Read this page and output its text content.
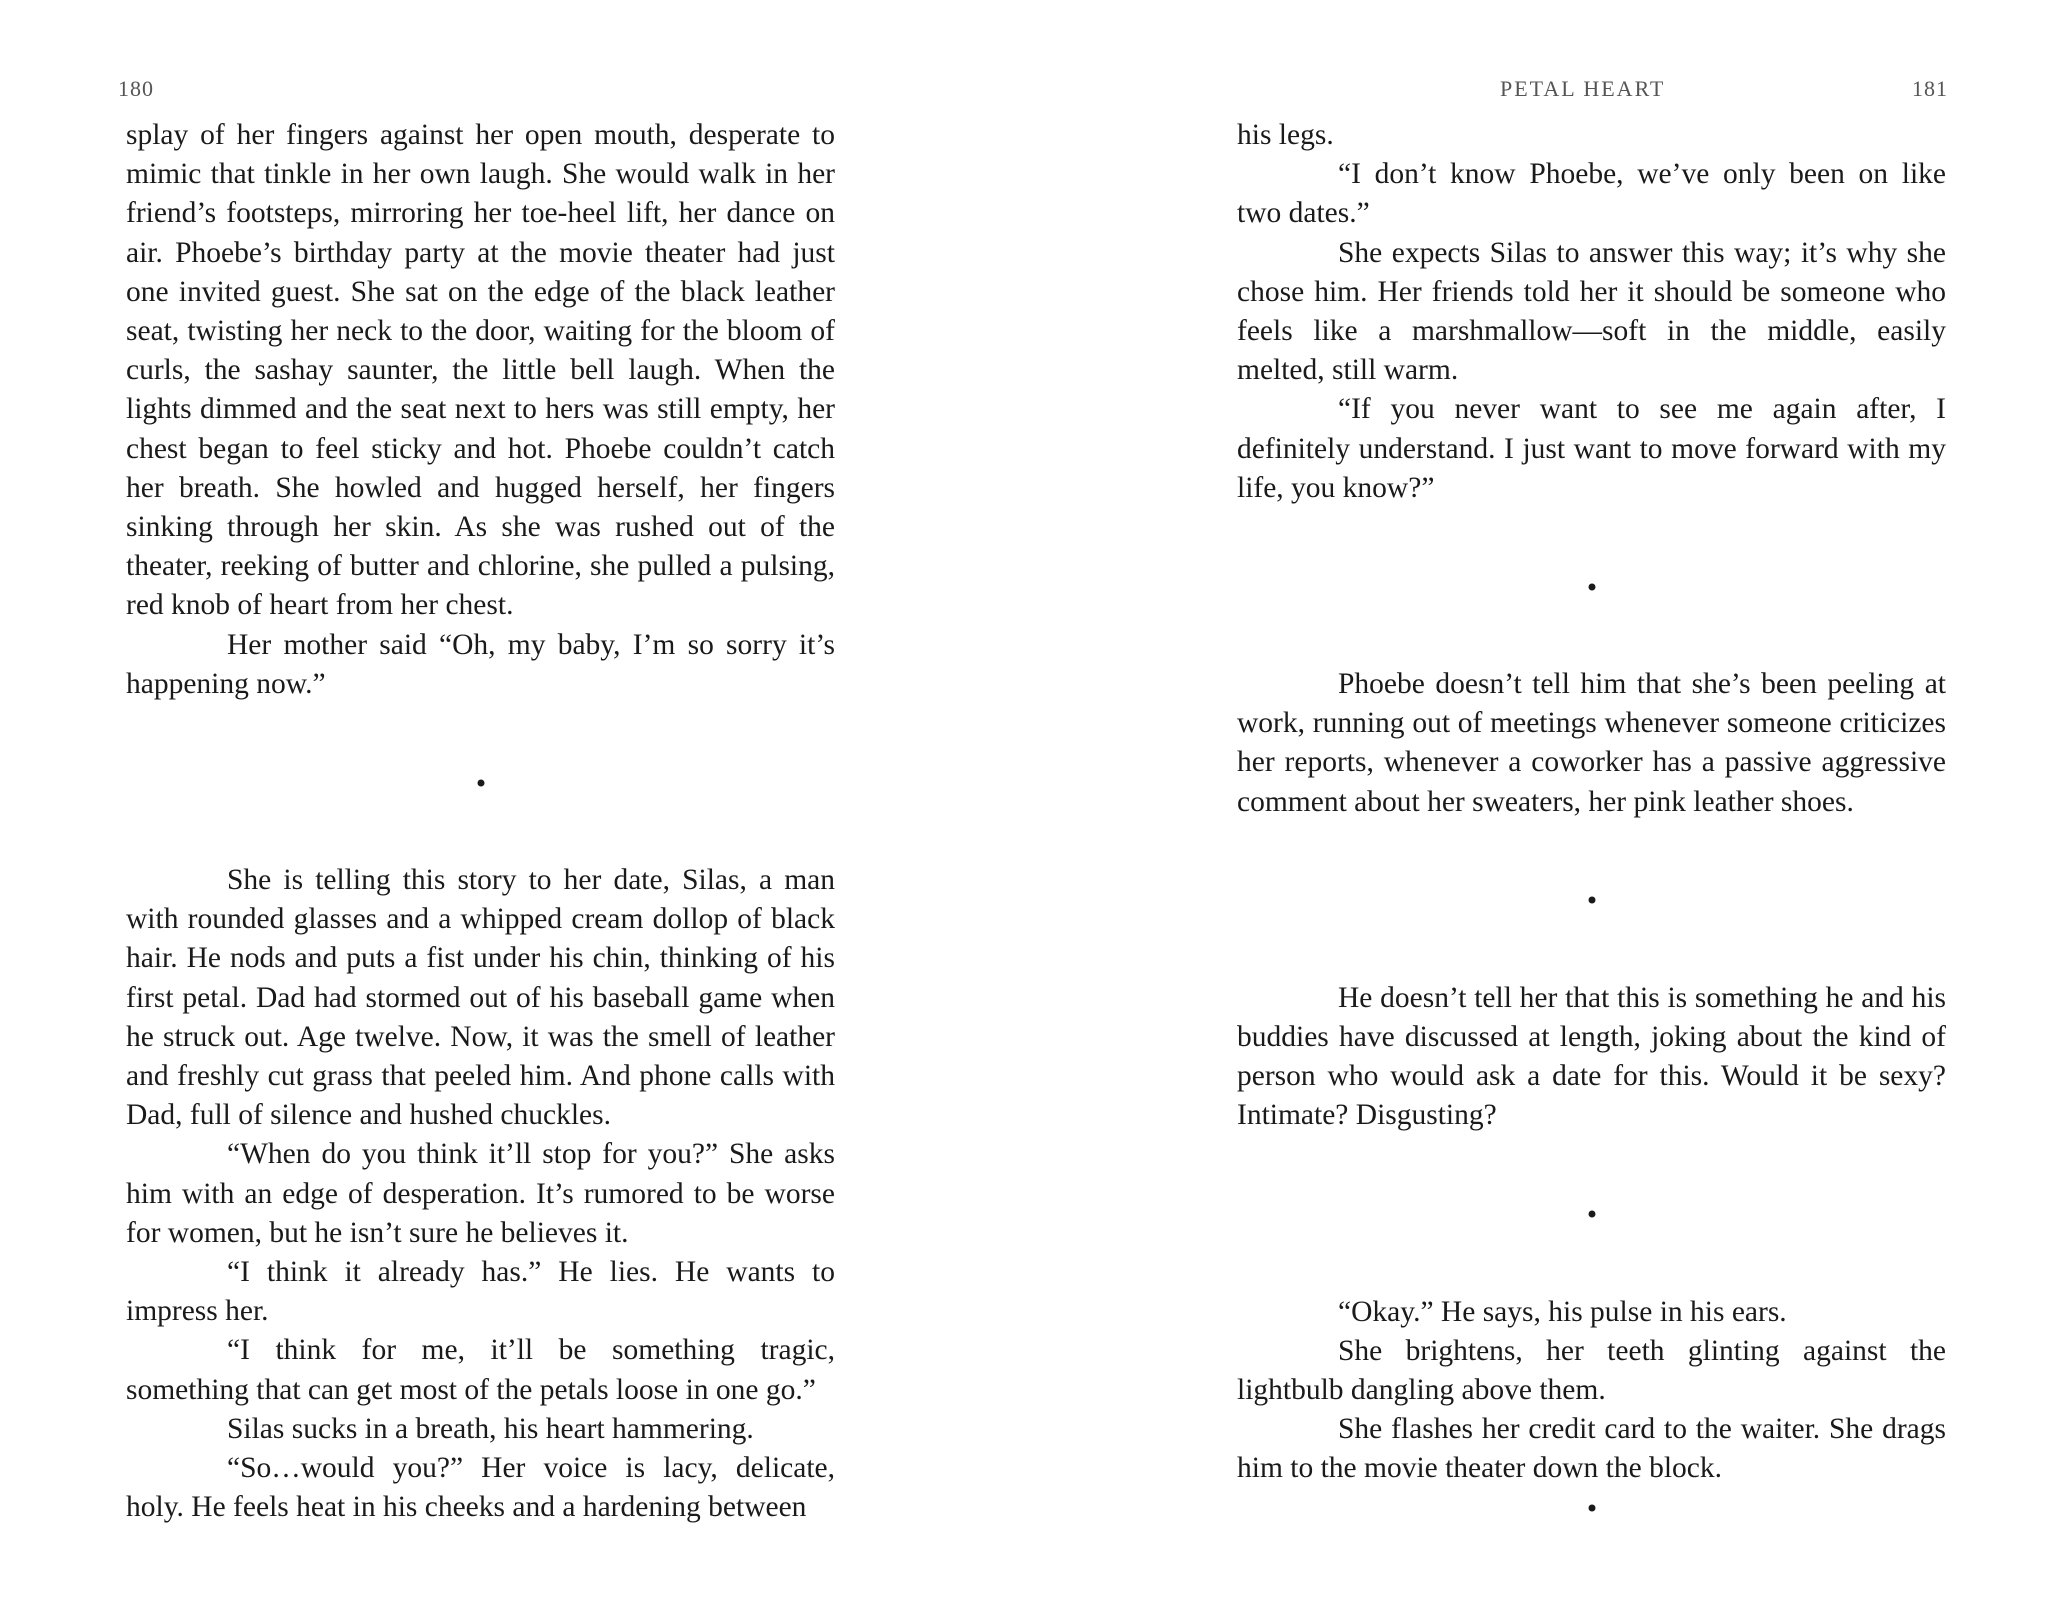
180

splay of her fingers against her open mouth, desperate to mimic that tinkle in her own laugh. She would walk in her friend’s footsteps, mirroring her toe-heel lift, her dance on air. Phoebe’s birthday party at the movie theater had just one invited guest. She sat on the edge of the black leather seat, twisting her neck to the door, waiting for the bloom of curls, the sashay saunter, the little bell laugh. When the lights dimmed and the seat next to hers was still empty, her chest began to feel sticky and hot. Phoebe couldn’t catch her breath. She howled and hugged herself, her fingers sinking through her skin. As she was rushed out of the theater, reeking of butter and chlorine, she pulled a pulsing, red knob of heart from her chest.

Her mother said “Oh, my baby, I’m so sorry it’s happening now.”

She is telling this story to her date, Silas, a man with rounded glasses and a whipped cream dollop of black hair. He nods and puts a fist under his chin, thinking of his first petal. Dad had stormed out of his baseball game when he struck out. Age twelve. Now, it was the smell of leather and freshly cut grass that peeled him. And phone calls with Dad, full of silence and hushed chuckles.

“When do you think it’ll stop for you?” She asks him with an edge of desperation. It’s rumored to be worse for women, but he isn’t sure he believes it.

“I think it already has.” He lies. He wants to impress her.

“I think for me, it’ll be something tragic, something that can get most of the petals loose in one go.”

Silas sucks in a breath, his heart hammering.

“So…would you?” Her voice is lacy, delicate, holy. He feels heat in his cheeks and a hardening between

PETAL HEART	181

his legs.

“I don’t know Phoebe, we’ve only been on like two dates.”

She expects Silas to answer this way; it’s why she chose him. Her friends told her it should be someone who feels like a marshmallow—soft in the middle, easily melted, still warm.

“If you never want to see me again after, I definitely understand. I just want to move forward with my life, you know?”

Phoebe doesn’t tell him that she’s been peeling at work, running out of meetings whenever someone criticizes her reports, whenever a coworker has a passive aggressive comment about her sweaters, her pink leather shoes.

He doesn’t tell her that this is something he and his buddies have discussed at length, joking about the kind of person who would ask a date for this. Would it be sexy? Intimate? Disgusting?

“Okay.” He says, his pulse in his ears.

She brightens, her teeth glinting against the lightbulb dangling above them.

She flashes her credit card to the waiter. She drags him to the movie theater down the block.
